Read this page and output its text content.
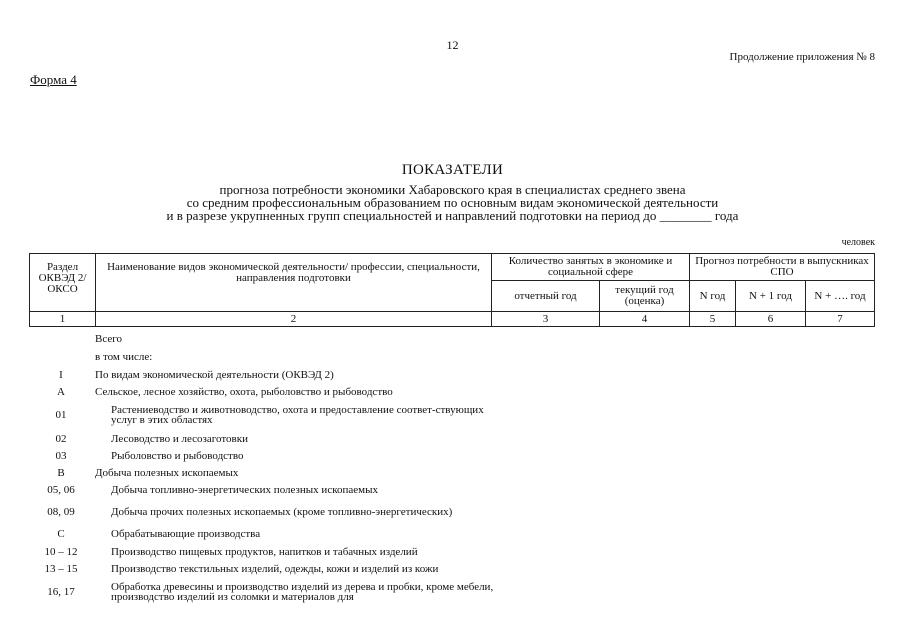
12
Продолжение приложения № 8
Форма 4
ПОКАЗАТЕЛИ
прогноза потребности экономики Хабаровского края в специалистах среднего звена
со средним профессиональным образованием по основным видам экономической деятельности
и в разрезе укрупненных групп специальностей и направлений подготовки на период до ________ года
человек
Раздел ОКВЭД 2/ ОКСО	Наименование видов экономической деятельности/ профессии, специальности, направления подготовки	Количество занятых в экономике и социальной сфере		Прогноз потребности в выпускниках СПО		
		отчетный год	текущий год (оценка)	N год	N + 1 год	N + …. год
1	2	3	4	5	6	7
	Всего
	в том числе:
I	По видам экономической деятельности (ОКВЭД 2)
A	Сельское, лесное хозяйство, охота, рыболовство и рыбоводство
01	Растениеводство и животноводство, охота и предоставление соответ-ствующих услуг в этих областях
02	Лесоводство и лесозаготовки
03	Рыболовство и рыбоводство
B	Добыча полезных ископаемых
05, 06	Добыча топливно-энергетических полезных ископаемых
08, 09	Добыча прочих полезных ископаемых (кроме топливно-энергетических)
C	Обрабатывающие производства
10 – 12	Производство пищевых продуктов, напитков и табачных изделий
13 – 15	Производство текстильных изделий, одежды, кожи и изделий из кожи
16, 17	Обработка древесины и производство изделий из дерева и пробки, кроме мебели, производство изделий из соломки и материалов для
